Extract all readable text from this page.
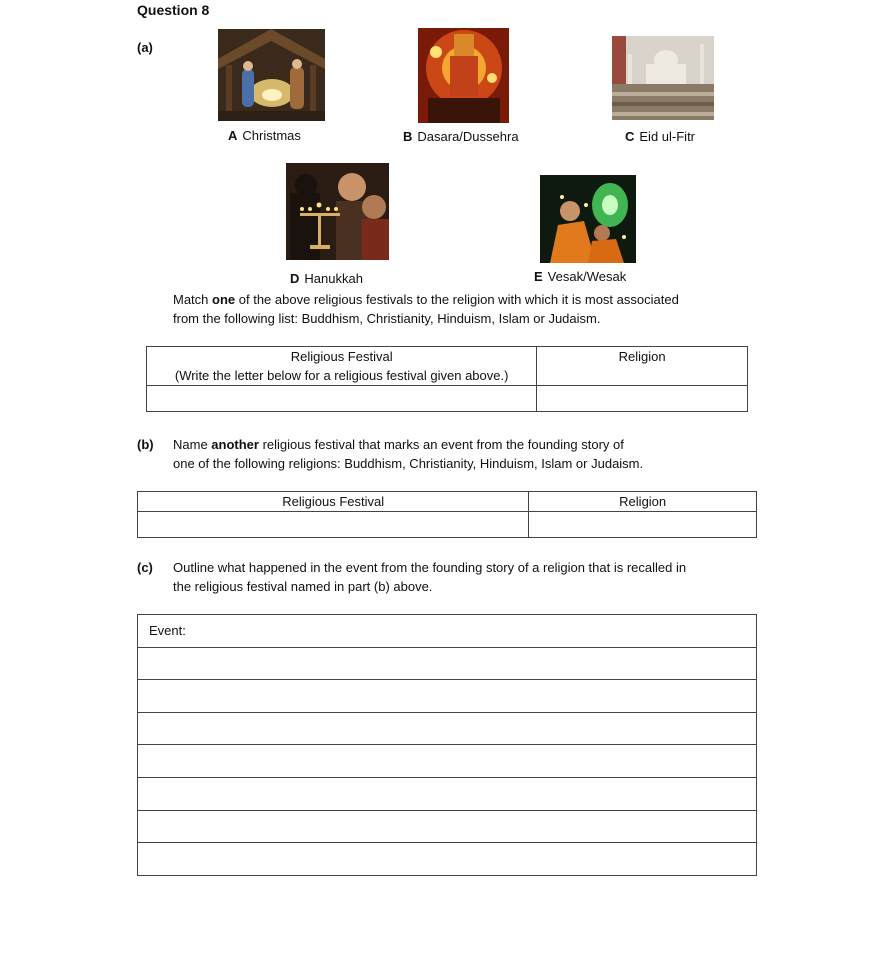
Question 8
(a)
A Christmas	B Dasara/Dussehra	C Eid ul-Fitr
D Hanukkah	E Vesak/Wesak
Match one of the above religious festivals to the religion with which it is most associated
from the following list: Buddhism, Christianity, Hinduism, Islam or Judaism.
Religious Festival
(Write the letter below for a religious festival given above.)	Religion

(b) Name another religious festival that marks an event from the founding story of
one of the following religions: Buddhism, Christianity, Hinduism, Islam or Judaism.
Religious Festival	Religion

(c) Outline what happened in the event from the founding story of a religion that is recalled in
the religious festival named in part (b) above.
Event:
